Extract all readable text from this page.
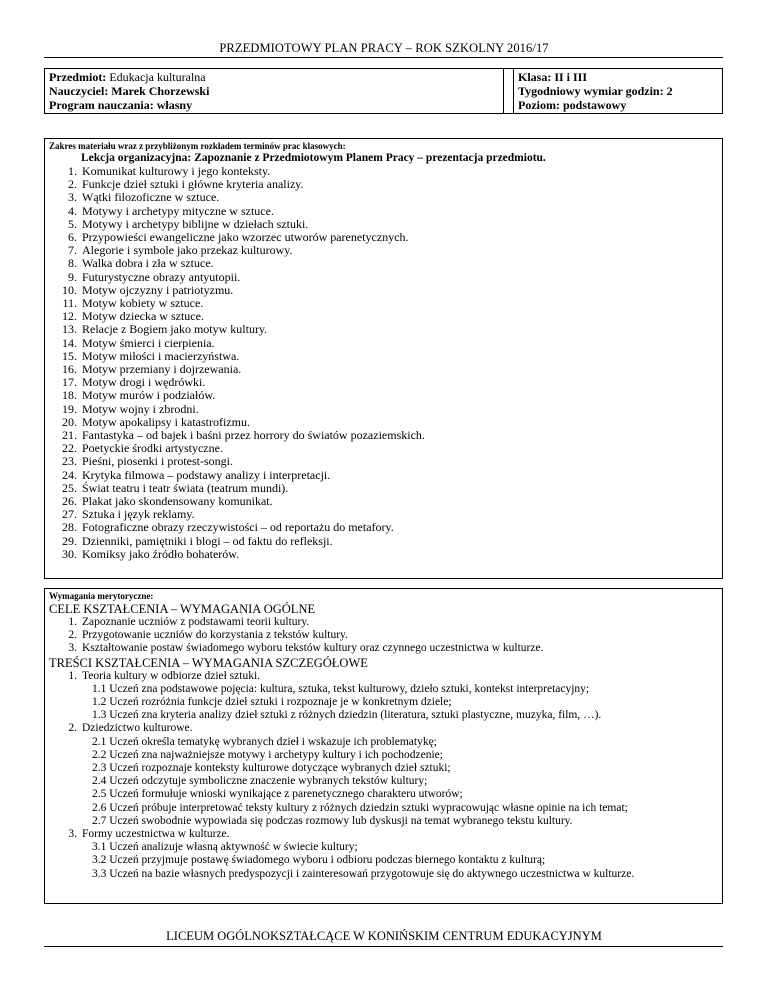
PRZEDMIOTOWY PLAN PRACY – ROK SZKOLNY 2016/17
Przedmiot: Edukacja kulturalna
Nauczyciel: Marek Chorzewski
Program nauczania: własny
Klasa: II i III
Tygodniowy wymiar godzin: 2
Poziom: podstawowy
Zakres materiału wraz z przybliżonym rozkładem terminów prac klasowych:
Lekcja organizacyjna: Zapoznanie z Przedmiotowym Planem Pracy – prezentacja przedmiotu.
1. Komunikat kulturowy i jego konteksty.
2. Funkcje dzieł sztuki i główne kryteria analizy.
3. Wątki filozoficzne w sztuce.
4. Motywy i archetypy mityczne w sztuce.
5. Motywy i archetypy biblijne w dziełach sztuki.
6. Przypowieści ewangeliczne jako wzorzec utworów parenetycznych.
7. Alegorie i symbole jako przekaz kulturowy.
8. Walka dobra i zła w sztuce.
9. Futurystyczne obrazy antyutopii.
10. Motyw ojczyzny i patriotyzmu.
11. Motyw kobiety w sztuce.
12. Motyw dziecka w sztuce.
13. Relacje z Bogiem jako motyw kultury.
14. Motyw śmierci i cierpienia.
15. Motyw miłości i macierzyństwa.
16. Motyw przemiany i dojrzewania.
17. Motyw drogi i wędrówki.
18. Motyw murów i podziałów.
19. Motyw wojny i zbrodni.
20. Motyw apokalipsy i katastrofizmu.
21. Fantastyka – od bajek i baśni przez horrory do światów pozaziemskich.
22. Poetyckie środki artystyczne.
23. Pieśni, piosenki i protest-songi.
24. Krytyka filmowa – podstawy analizy i interpretacji.
25. Świat teatru i teatr świata (teatrum mundi).
26. Plakat jako skondensowany komunikat.
27. Sztuka i język reklamy.
28. Fotograficzne obrazy rzeczywistości – od reportażu do metafory.
29. Dzienniki, pamiętniki i blogi – od faktu do refleksji.
30. Komiksy jako źródło bohaterów.
Wymagania merytoryczne:
CELE KSZTAŁCENIA – WYMAGANIA OGÓLNE
1. Zapoznanie uczniów z podstawami teorii kultury.
2. Przygotowanie uczniów do korzystania z tekstów kultury.
3. Kształtowanie postaw świadomego wyboru tekstów kultury oraz czynnego uczestnictwa w kulturze.
TREŚCI KSZTAŁCENIA – WYMAGANIA SZCZEGÓŁOWE
1. Teoria kultury w odbiorze dzieł sztuki.
1.1 Uczeń zna podstawowe pojęcia: kultura, sztuka, tekst kulturowy, dzieło sztuki, kontekst interpretacyjny;
1.2 Uczeń rozróżnia funkcje dzieł sztuki i rozpoznaje je w konkretnym dziele;
1.3 Uczeń zna kryteria analizy dzieł sztuki z różnych dziedzin (literatura, sztuki plastyczne, muzyka, film, …).
2. Dziedzictwo kulturowe.
2.1 Uczeń określa tematykę wybranych dzieł i wskazuje ich problematykę;
2.2 Uczeń zna najważniejsze motywy i archetypy kultury i ich pochodzenie;
2.3 Uczeń rozpoznaje konteksty kulturowe dotyczące wybranych dzieł sztuki;
2.4 Uczeń odczytuje symboliczne znaczenie wybranych tekstów kultury;
2.5 Uczeń formułuje wnioski wynikające z parenetycznego charakteru utworów;
2.6 Uczeń próbuje interpretować teksty kultury z różnych dziedzin sztuki wypracowując własne opinie na ich temat;
2.7 Uczeń swobodnie wypowiada się podczas rozmowy lub dyskusji na temat wybranego tekstu kultury.
3. Formy uczestnictwa w kulturze.
3.1 Uczeń analizuje własną aktywność w świecie kultury;
3.2 Uczeń przyjmuje postawę świadomego wyboru i odbioru podczas biernego kontaktu z kulturą;
3.3 Uczeń na bazie własnych predyspozycji i zainteresowań przygotowuje się do aktywnego uczestnictwa w kulturze.
LICEUM OGÓLNOKSZTAŁCĄCE W KONIŃSKIM CENTRUM EDUKACYJNYM
